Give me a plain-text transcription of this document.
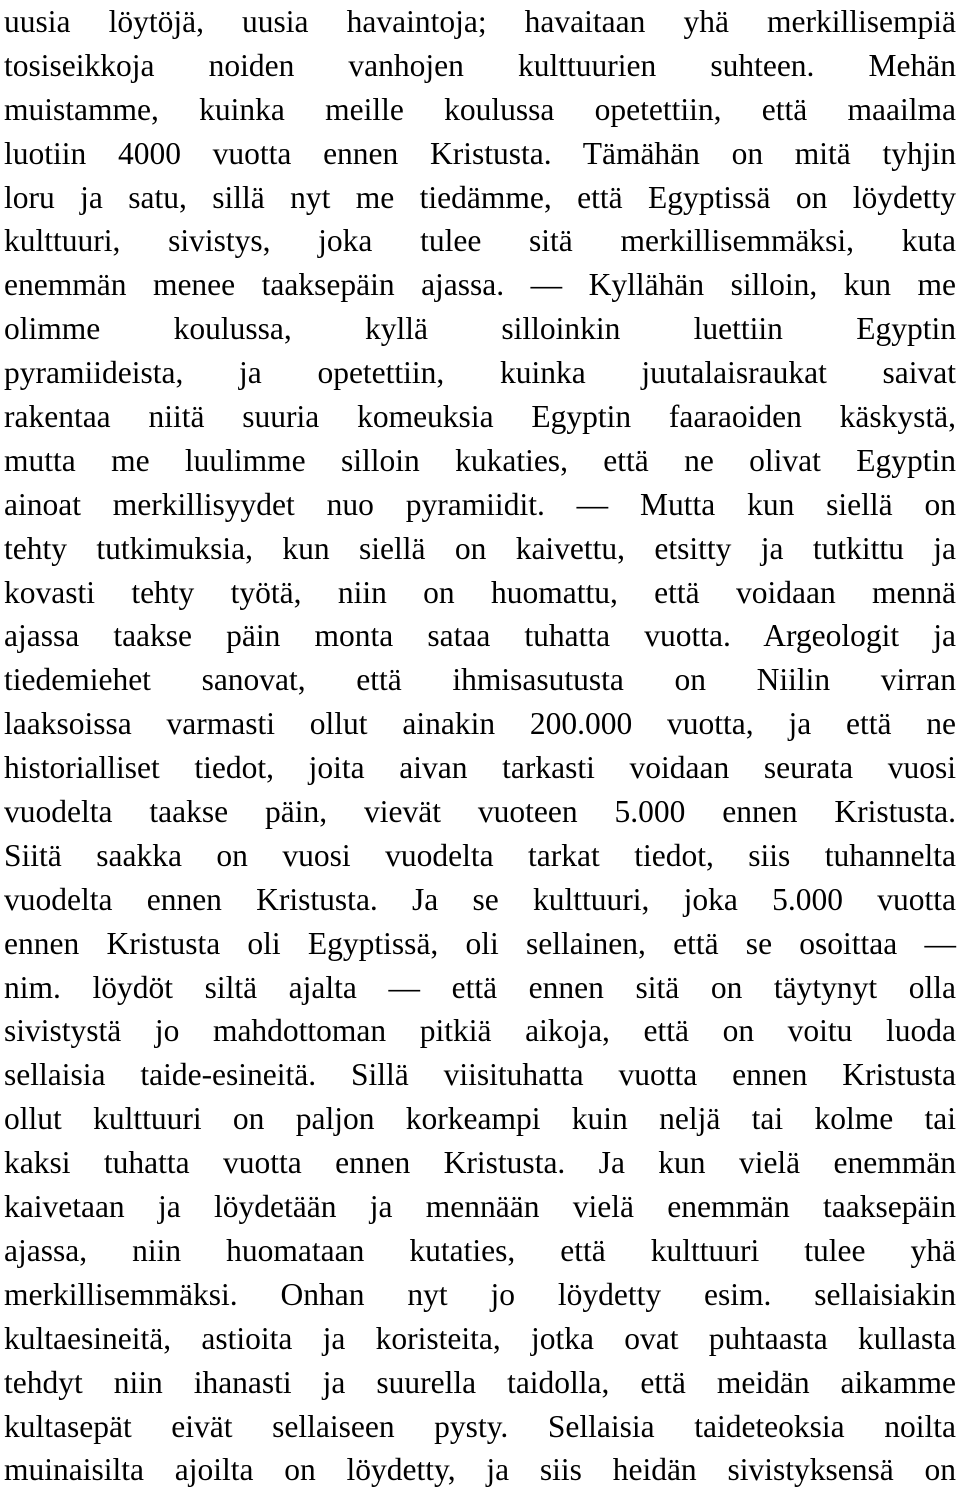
uusia löytöjä, uusia havaintoja; havaitaan yhä merkillisempiä
tosiseikkoja noiden vanhojen kulttuurien suhteen. Mehän
muistamme, kuinka meille koulussa opetettiin, että maailma
luotiin 4000 vuotta ennen Kristusta. Tämähän on mitä tyhjin
loru ja satu, sillä nyt me tiedämme, että Egyptissä on löydetty
kulttuuri, sivistys, joka tulee sitä merkillisemmäksi, kuta
enemmän menee taaksepäin ajassa. — Kyllähän silloin, kun me
olimme koulussa, kyllä silloinkin luettiin Egyptin
pyramiideista, ja opetettiin, kuinka juutalaisraukat saivat
rakentaa niitä suuria komeuksia Egyptin faaraoiden käskystä,
mutta me luulimme silloin kukaties, että ne olivat Egyptin
ainoat merkillisyydet nuo pyramiidit. — Mutta kun siellä on
tehty tutkimuksia, kun siellä on kaivettu, etsitty ja tutkittu ja
kovasti tehty työtä, niin on huomattu, että voidaan mennä
ajassa taakse päin monta sataa tuhatta vuotta. Argeologit ja
tiedemiehet sanovat, että ihmisasutusta on Niilin virran
laaksoissa varmasti ollut ainakin 200.000 vuotta, ja että ne
historialliset tiedot, joita aivan tarkasti voidaan seurata vuosi
vuodelta taakse päin, vievät vuoteen 5.000 ennen Kristusta.
Siitä saakka on vuosi vuodelta tarkat tiedot, siis tuhannelta
vuodelta ennen Kristusta. Ja se kulttuuri, joka 5.000 vuotta
ennen Kristusta oli Egyptissä, oli sellainen, että se osoittaa —
nim. löydöt siltä ajalta — että ennen sitä on täytynyt olla
sivistystä jo mahdottoman pitkiä aikoja, että on voitu luoda
sellaisia taide-esineitä. Sillä viisituhatta vuotta ennen Kristusta
ollut kulttuuri on paljon korkeampi kuin neljä tai kolme tai
kaksi tuhatta vuotta ennen Kristusta. Ja kun vielä enemmän
kaivetaan ja löydetään ja mennään vielä enemmän taaksepäin
ajassa, niin huomataan kutaties, että kulttuuri tulee yhä
merkillisemmäksi. Onhan nyt jo löydetty esim. sellaisiakin
kultaesineitä, astioita ja koristeita, jotka ovat puhtaasta kullasta
tehdyt niin ihanasti ja suurella taidolla, että meidän aikamme
kultasepät eivät sellaiseen pysty. Sellaisia taideteoksia noilta
muinaisilta ajoilta on löydetty, ja siis heidän sivistyksensä on
